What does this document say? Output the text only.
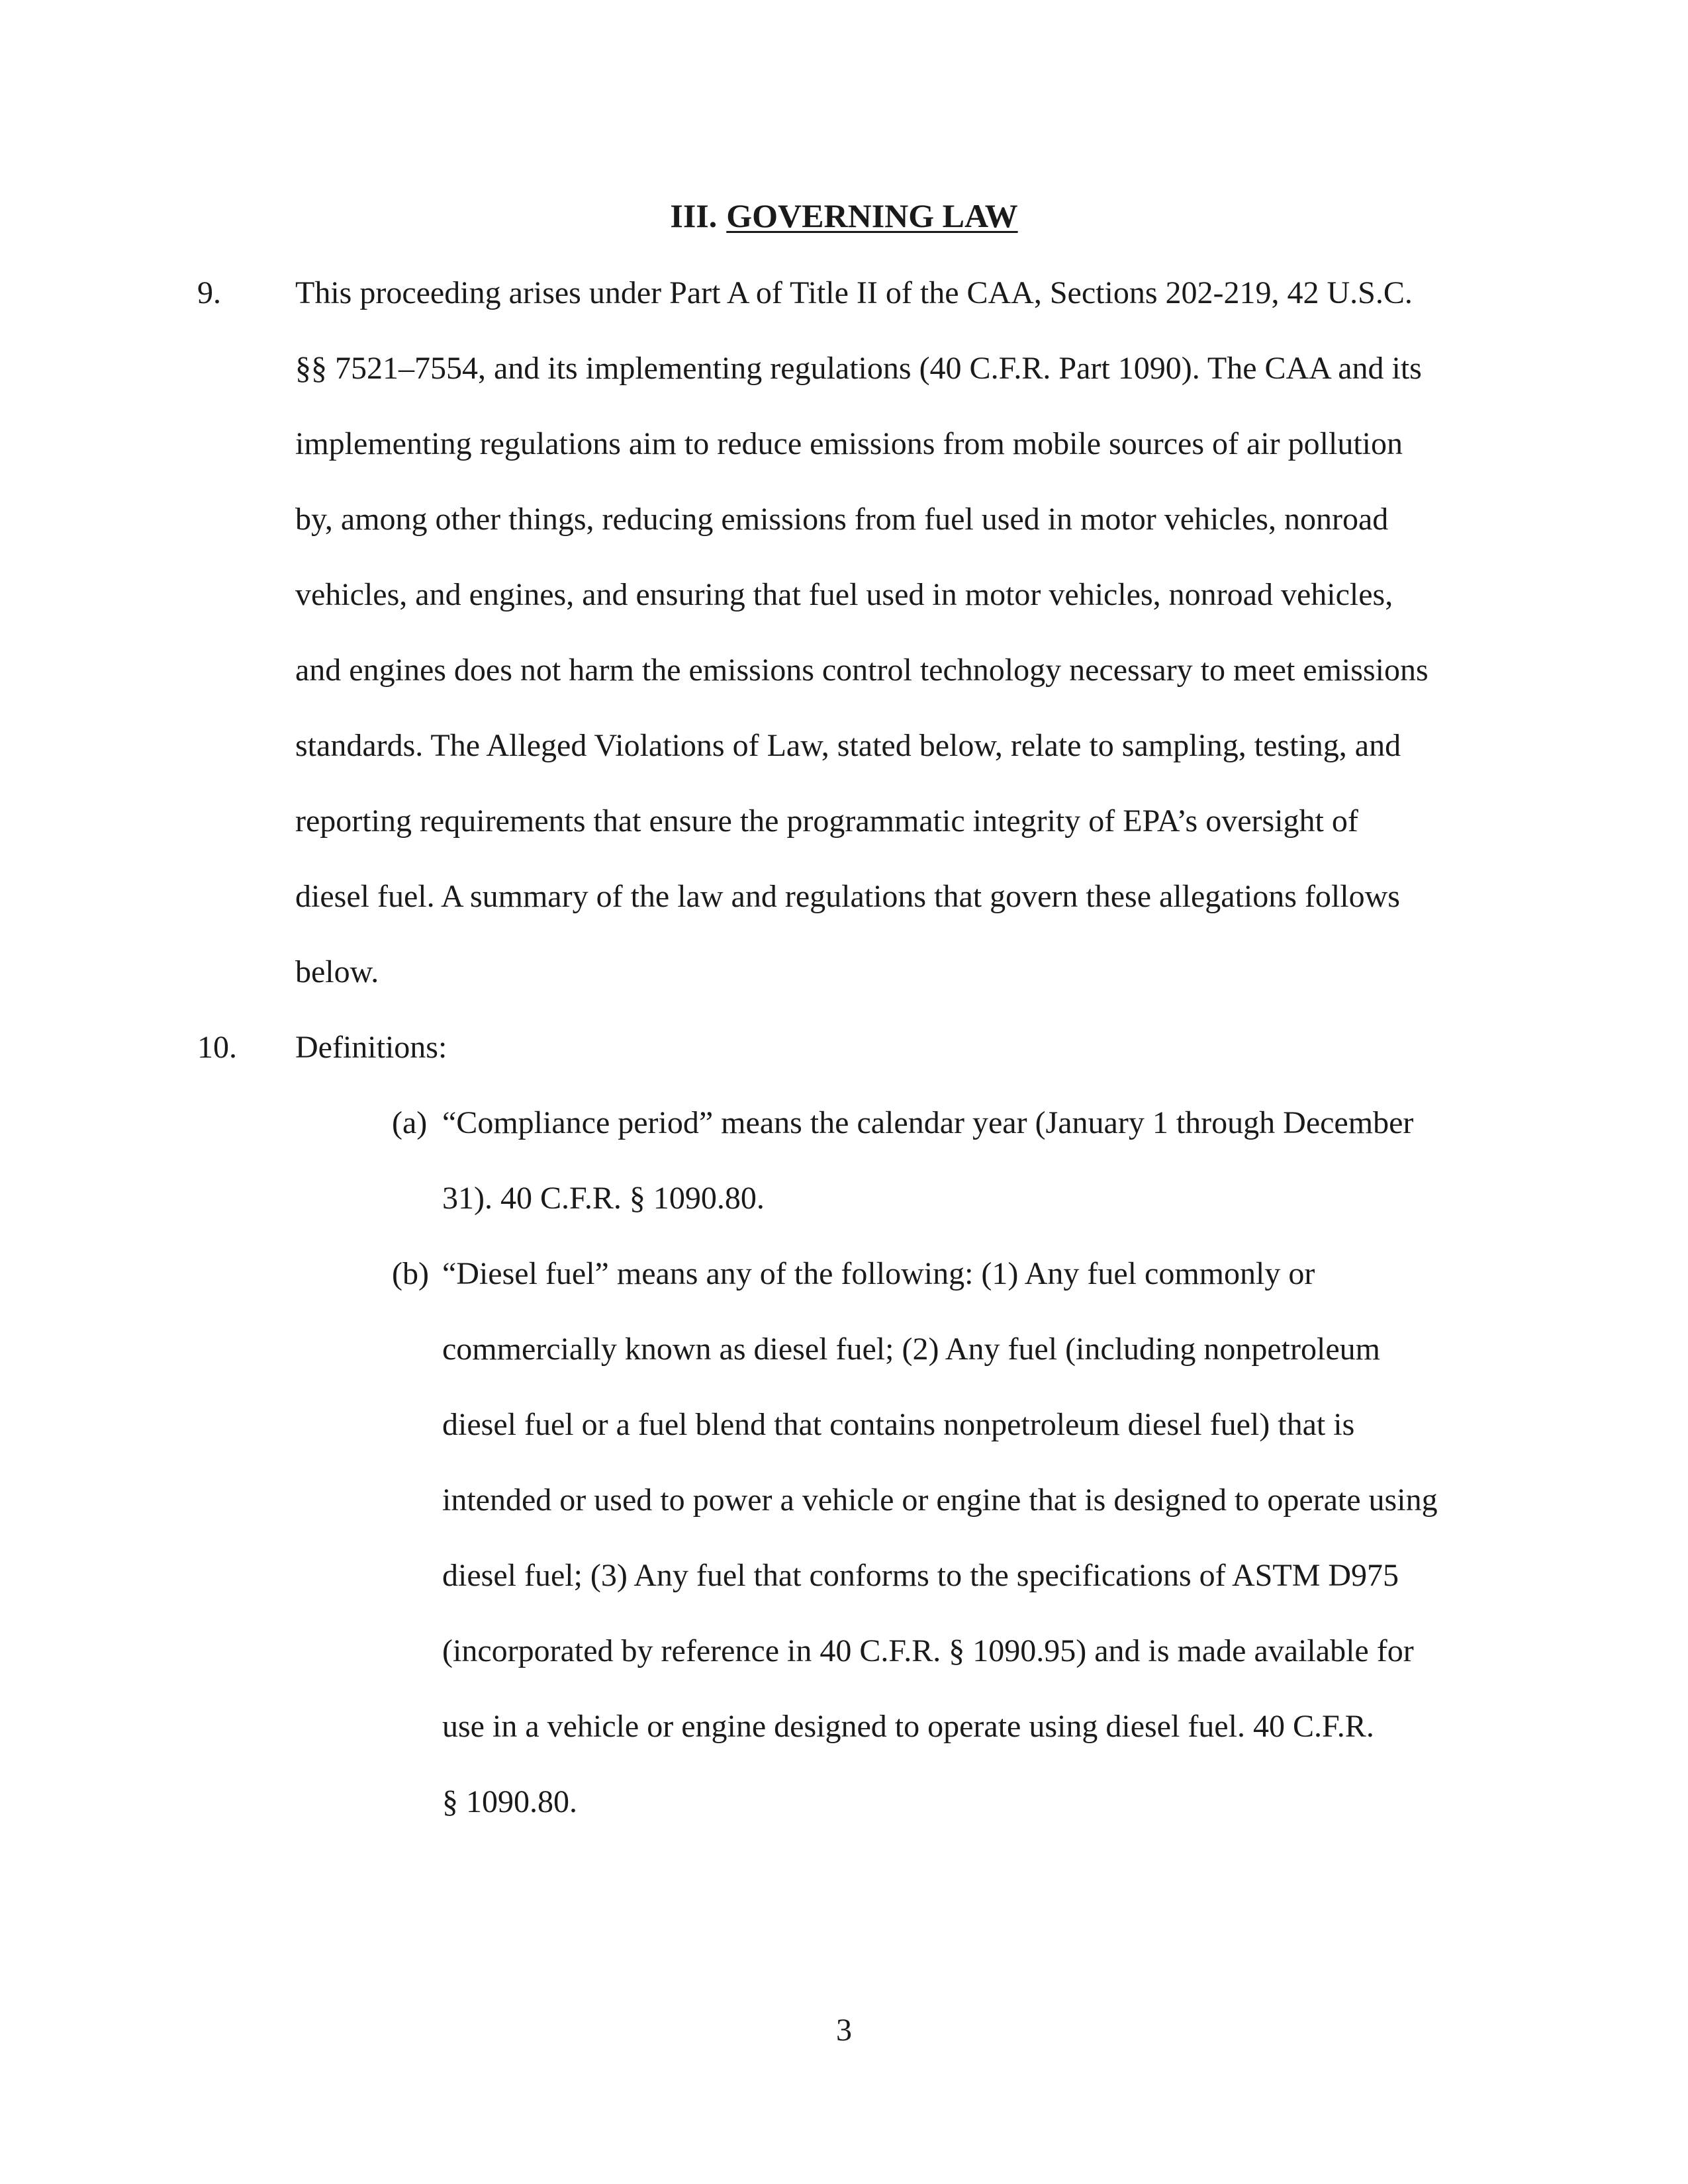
III. GOVERNING LAW
9. This proceeding arises under Part A of Title II of the CAA, Sections 202-219, 42 U.S.C.
§§ 7521–7554, and its implementing regulations (40 C.F.R. Part 1090). The CAA and its
implementing regulations aim to reduce emissions from mobile sources of air pollution
by, among other things, reducing emissions from fuel used in motor vehicles, nonroad
vehicles, and engines, and ensuring that fuel used in motor vehicles, nonroad vehicles,
and engines does not harm the emissions control technology necessary to meet emissions
standards. The Alleged Violations of Law, stated below, relate to sampling, testing, and
reporting requirements that ensure the programmatic integrity of EPA’s oversight of
diesel fuel. A summary of the law and regulations that govern these allegations follows
below.
10. Definitions:
(a) “Compliance period” means the calendar year (January 1 through December
31). 40 C.F.R. § 1090.80.
(b) “Diesel fuel” means any of the following: (1) Any fuel commonly or
commercially known as diesel fuel; (2) Any fuel (including nonpetroleum
diesel fuel or a fuel blend that contains nonpetroleum diesel fuel) that is
intended or used to power a vehicle or engine that is designed to operate using
diesel fuel; (3) Any fuel that conforms to the specifications of ASTM D975
(incorporated by reference in 40 C.F.R. § 1090.95) and is made available for
use in a vehicle or engine designed to operate using diesel fuel. 40 C.F.R.
§ 1090.80.
3
